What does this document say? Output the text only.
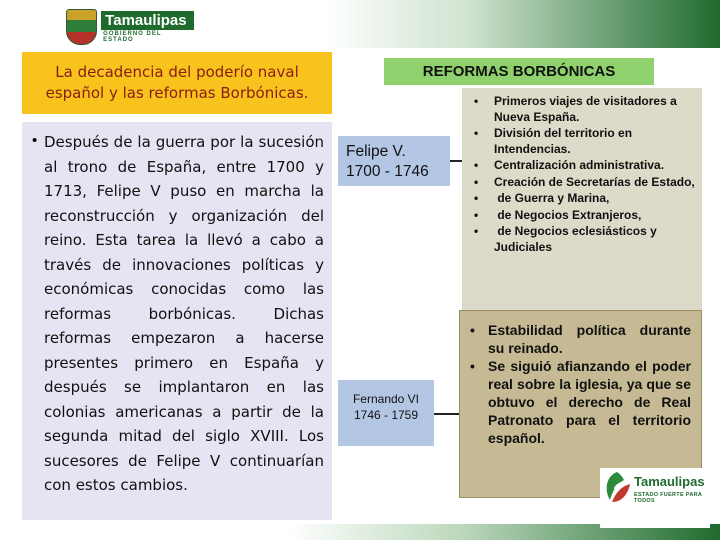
Tamaulipas
GOBIERNO DEL ESTADO
La decadencia del poderío naval
español y las reformas Borbónicas.
REFORMAS BORBÓNICAS
• Después de la guerra por la sucesión al trono de España, entre 1700 y 1713, Felipe V puso en marcha la reconstrucción y organización del reino. Esta tarea la llevó a cabo a través de innovaciones políticas y económicas conocidas como las reformas borbónicas. Dichas reformas empezaron a hacerse presentes primero en España y después se implantaron en las colonias americanas a partir de la segunda mitad del siglo XVIII. Los sucesores de Felipe V continuarían con estos cambios.

Felipe V.
1700 - 1746
Fernando VI
1746 - 1759
• Primeros viajes de visitadores a Nueva España.
• División del territorio en Intendencias.
• Centralización administrativa.
• Creación de Secretarías de Estado,
•  de Guerra y Marina,
•  de Negocios Extranjeros,
•  de Negocios eclesiásticos y Judiciales
• Estabilidad política durante su reinado.
• Se siguió afianzando el poder real sobre la iglesia, ya que se obtuvo el derecho de Real Patronato para el territorio español.
Tamaulipas
ESTADO FUERTE PARA TODOS
